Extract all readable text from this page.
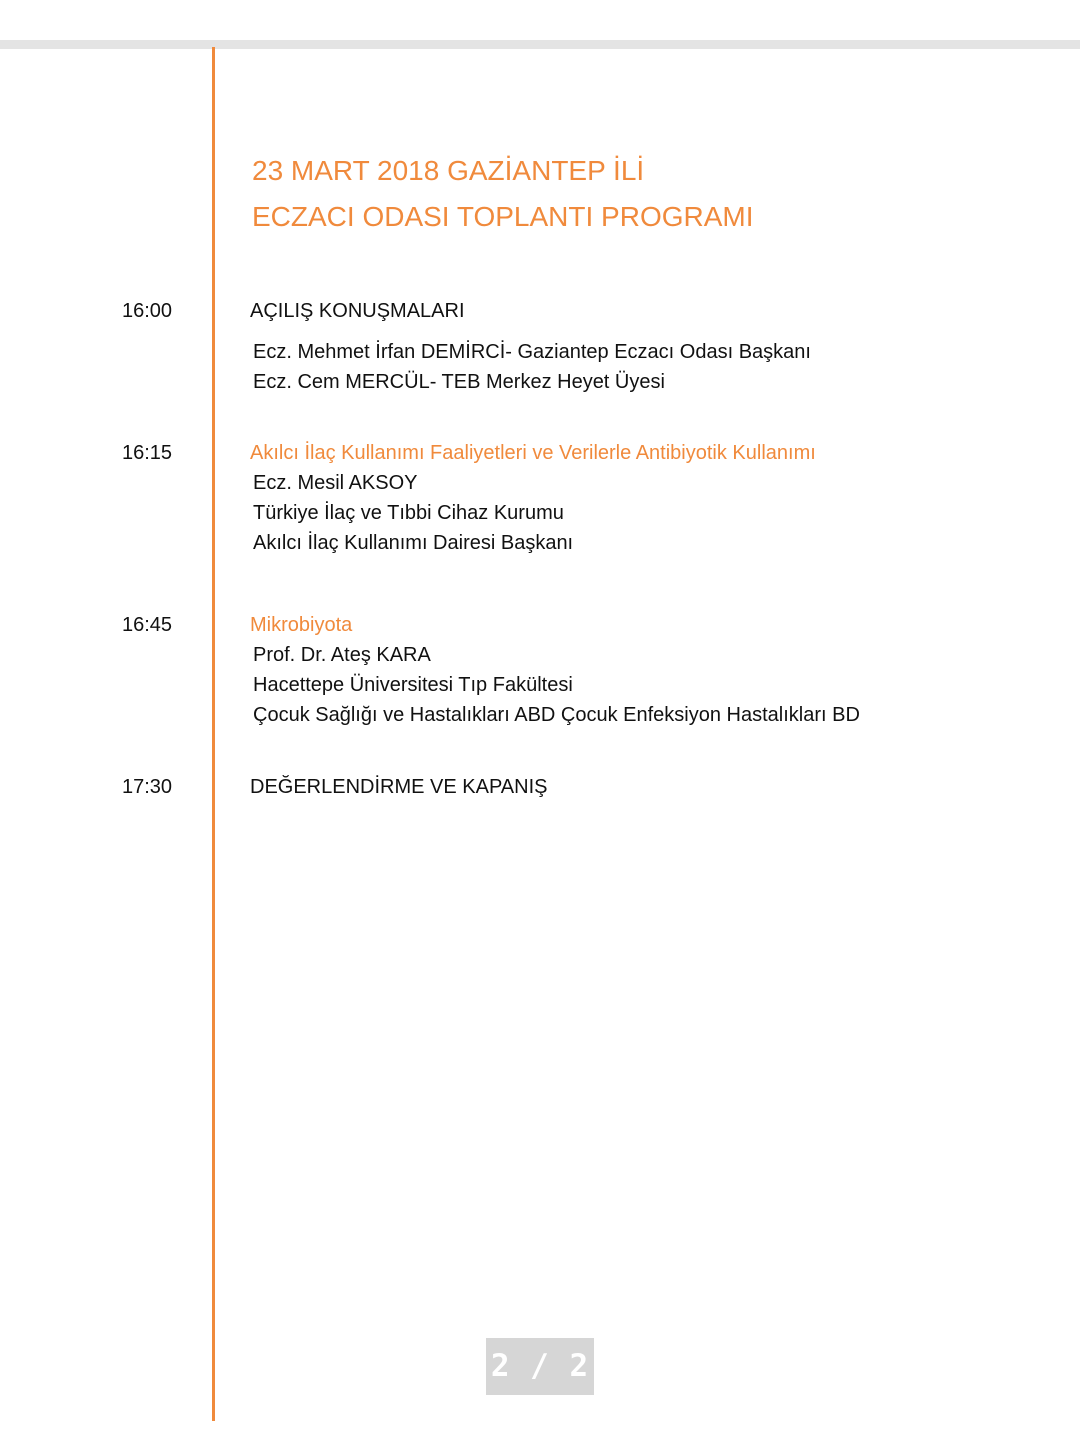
23 MART 2018 GAZİANTEP İLİ
ECZACI ODASI TOPLANTI PROGRAMI
16:00	AÇILIŞ KONUŞMALARI
Ecz. Mehmet İrfan DEMİRCİ- Gaziantep Eczacı Odası Başkanı
Ecz. Cem MERCÜL- TEB Merkez Heyet Üyesi
16:15	Akılcı İlaç Kullanımı Faaliyetleri ve Verilerle Antibiyotik Kullanımı
Ecz. Mesil AKSOY
Türkiye İlaç ve Tıbbi Cihaz Kurumu
Akılcı İlaç Kullanımı Dairesi Başkanı
16:45	Mikrobiyota
Prof. Dr. Ateş KARA
Hacettepe Üniversitesi Tıp Fakültesi
Çocuk Sağlığı ve Hastalıkları ABD Çocuk Enfeksiyon Hastalıkları BD
17:30	DEĞERLENDİRME VE KAPANIŞ
2 / 2
